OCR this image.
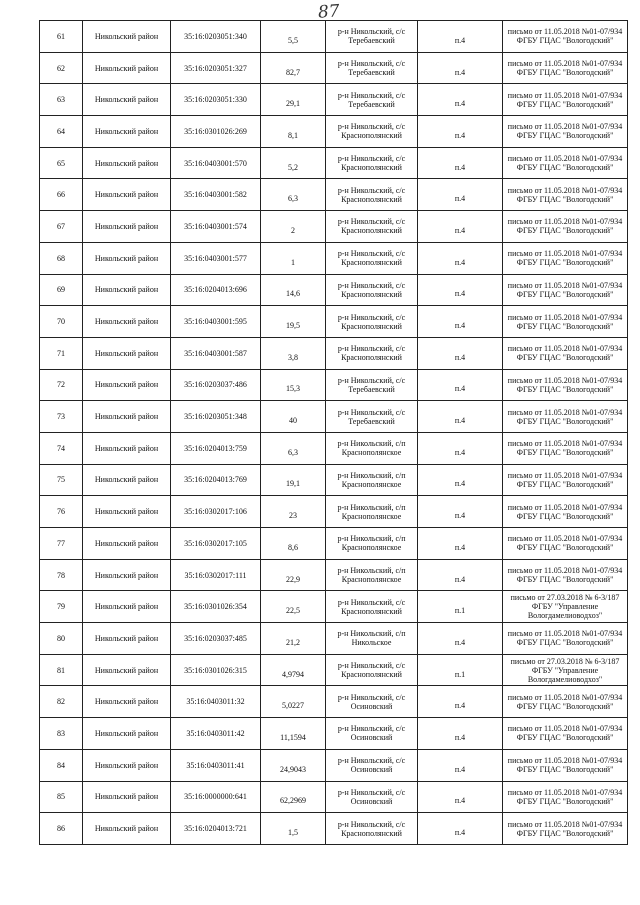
87
61	Никольский район	35:16:0203051:340	5,5	р-н Никольский, с/с Теребаевский	п.4	письмо от 11.05.2018 №01-07/934 ФГБУ ГЦАС "Вологодский"
62	Никольский район	35:16:0203051:327	82,7	р-н Никольский, с/с Теребаевский	п.4	письмо от 11.05.2018 №01-07/934 ФГБУ ГЦАС "Вологодский"
63	Никольский район	35:16:0203051:330	29,1	р-н Никольский, с/с Теребаевский	п.4	письмо от 11.05.2018 №01-07/934 ФГБУ ГЦАС "Вологодский"
64	Никольский район	35:16:0301026:269	8,1	р-н Никольский, с/с Краснополянский	п.4	письмо от 11.05.2018 №01-07/934 ФГБУ ГЦАС "Вологодский"
65	Никольский район	35:16:0403001:570	5,2	р-н Никольский, с/с Краснополянский	п.4	письмо от 11.05.2018 №01-07/934 ФГБУ ГЦАС "Вологодский"
66	Никольский район	35:16:0403001:582	6,3	р-н Никольский, с/с Краснополянский	п.4	письмо от 11.05.2018 №01-07/934 ФГБУ ГЦАС "Вологодский"
67	Никольский район	35:16:0403001:574	2	р-н Никольский, с/с Краснополянский	п.4	письмо от 11.05.2018 №01-07/934 ФГБУ ГЦАС "Вологодский"
68	Никольский район	35:16:0403001:577	1	р-н Никольский, с/с Краснополянский	п.4	письмо от 11.05.2018 №01-07/934 ФГБУ ГЦАС "Вологодский"
69	Никольский район	35:16:0204013:696	14,6	р-н Никольский, с/с Краснополянский	п.4	письмо от 11.05.2018 №01-07/934 ФГБУ ГЦАС "Вологодский"
70	Никольский район	35:16:0403001:595	19,5	р-н Никольский, с/с Краснополянский	п.4	письмо от 11.05.2018 №01-07/934 ФГБУ ГЦАС "Вологодский"
71	Никольский район	35:16:0403001:587	3,8	р-н Никольский, с/с Краснополянский	п.4	письмо от 11.05.2018 №01-07/934 ФГБУ ГЦАС "Вологодский"
72	Никольский район	35:16:0203037:486	15,3	р-н Никольский, с/с Теребаевский	п.4	письмо от 11.05.2018 №01-07/934 ФГБУ ГЦАС "Вологодский"
73	Никольский район	35:16:0203051:348	40	р-н Никольский, с/с Теребаевский	п.4	письмо от 11.05.2018 №01-07/934 ФГБУ ГЦАС "Вологодский"
74	Никольский район	35:16:0204013:759	6,3	р-н Никольский, с/п Краснополянское	п.4	письмо от 11.05.2018 №01-07/934 ФГБУ ГЦАС "Вологодский"
75	Никольский район	35:16:0204013:769	19,1	р-н Никольский, с/п Краснополянское	п.4	письмо от 11.05.2018 №01-07/934 ФГБУ ГЦАС "Вологодский"
76	Никольский район	35:16:0302017:106	23	р-н Никольский, с/п Краснополянское	п.4	письмо от 11.05.2018 №01-07/934 ФГБУ ГЦАС "Вологодский"
77	Никольский район	35:16:0302017:105	8,6	р-н Никольский, с/п Краснополянское	п.4	письмо от 11.05.2018 №01-07/934 ФГБУ ГЦАС "Вологодский"
78	Никольский район	35:16:0302017:111	22,9	р-н Никольский, с/п Краснополянское	п.4	письмо от 11.05.2018 №01-07/934 ФГБУ ГЦАС "Вологодский"
79	Никольский район	35:16:0301026:354	22,5	р-н Никольский, с/с Краснополянский	п.1	письмо от 27.03.2018 № 6-3/187 ФГБУ "Управление Вологдамелиоводхоз"
80	Никольский район	35:16:0203037:485	21,2	р-н Никольский, с/п Никольское	п.4	письмо от 11.05.2018 №01-07/934 ФГБУ ГЦАС "Вологодский"
81	Никольский район	35:16:0301026:315	4,9794	р-н Никольский, с/с Краснополянский	п.1	письмо от 27.03.2018 № 6-3/187 ФГБУ "Управление Вологдамелиоводхоз"
82	Никольский район	35:16:0403011:32	5,0227	р-н Никольский, с/с Осиновский	п.4	письмо от 11.05.2018 №01-07/934 ФГБУ ГЦАС "Вологодский"
83	Никольский район	35:16:0403011:42	11,1594	р-н Никольский, с/с Осиновский	п.4	письмо от 11.05.2018 №01-07/934 ФГБУ ГЦАС "Вологодский"
84	Никольский район	35:16:0403011:41	24,9043	р-н Никольский, с/с Осиновский	п.4	письмо от 11.05.2018 №01-07/934 ФГБУ ГЦАС "Вологодский"
85	Никольский район	35:16:0000000:641	62,2969	р-н Никольский, с/с Осиновский	п.4	письмо от 11.05.2018 №01-07/934 ФГБУ ГЦАС "Вологодский"
86	Никольский район	35:16:0204013:721	1,5	р-н Никольский, с/с Краснополянский	п.4	письмо от 11.05.2018 №01-07/934 ФГБУ ГЦАС "Вологодский"
